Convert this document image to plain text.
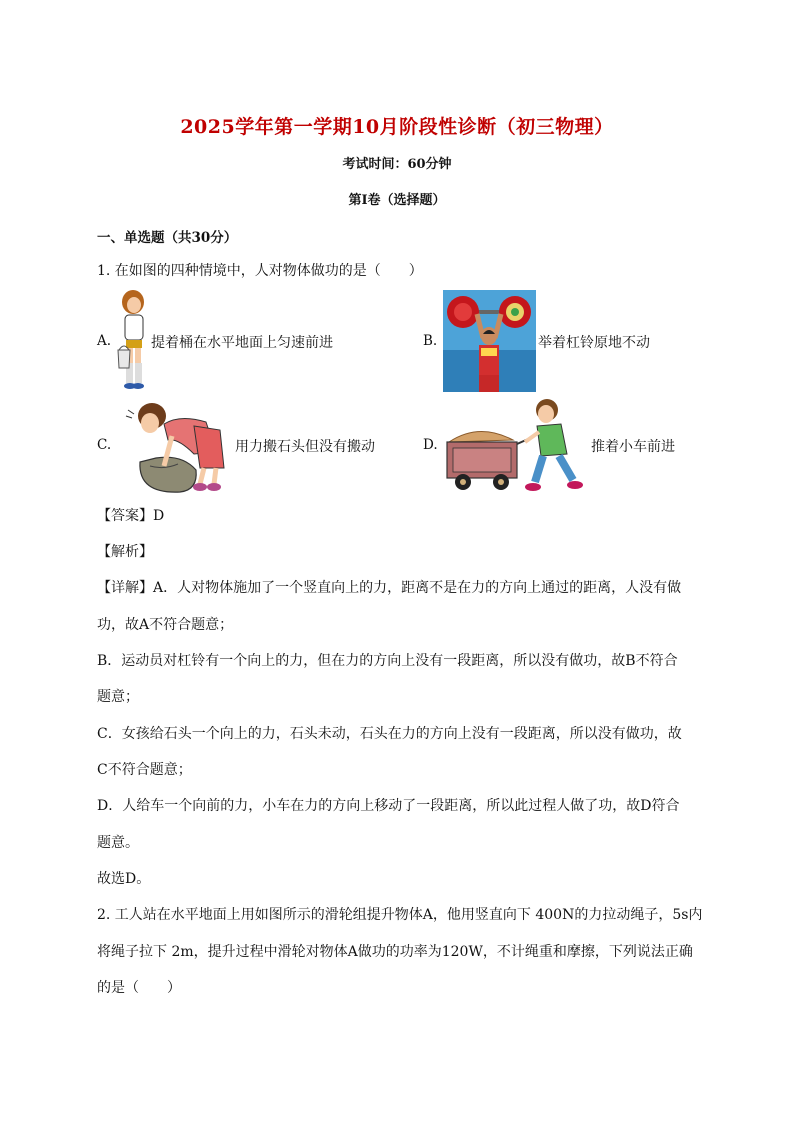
2025学年第一学期10月阶段性诊断（初三物理）
考试时间：60分钟
第I卷（选择题）
一、单选题（共30分）
1. 在如图的四种情境中，人对物体做功的是（　　）
A.	提着桶在水平地面上匀速前进	B.	举着杠铃原地不动
C.	用力搬石头但没有搬动	D.	推着小车前进
【答案】D
【解析】
【详解】A．人对物体施加了一个竖直向上的力，距离不是在力的方向上通过的距离，人没有做
功，故A不符合题意；
B．运动员对杠铃有一个向上的力，但在力的方向上没有一段距离，所以没有做功，故B不符合
题意；
C．女孩给石头一个向上的力，石头未动，石头在力的方向上没有一段距离，所以没有做功，故
C不符合题意；
D．人给车一个向前的力，小车在力的方向上移动了一段距离，所以此过程人做了功，故D符合
题意。
故选D。
2. 工人站在水平地面上用如图所示的滑轮组提升物体A，他用竖直向下 400N的力拉动绳子，5s内
将绳子拉下 2m，提升过程中滑轮对物体A做功的功率为120W，不计绳重和摩擦，下列说法正确
的是（　　）
